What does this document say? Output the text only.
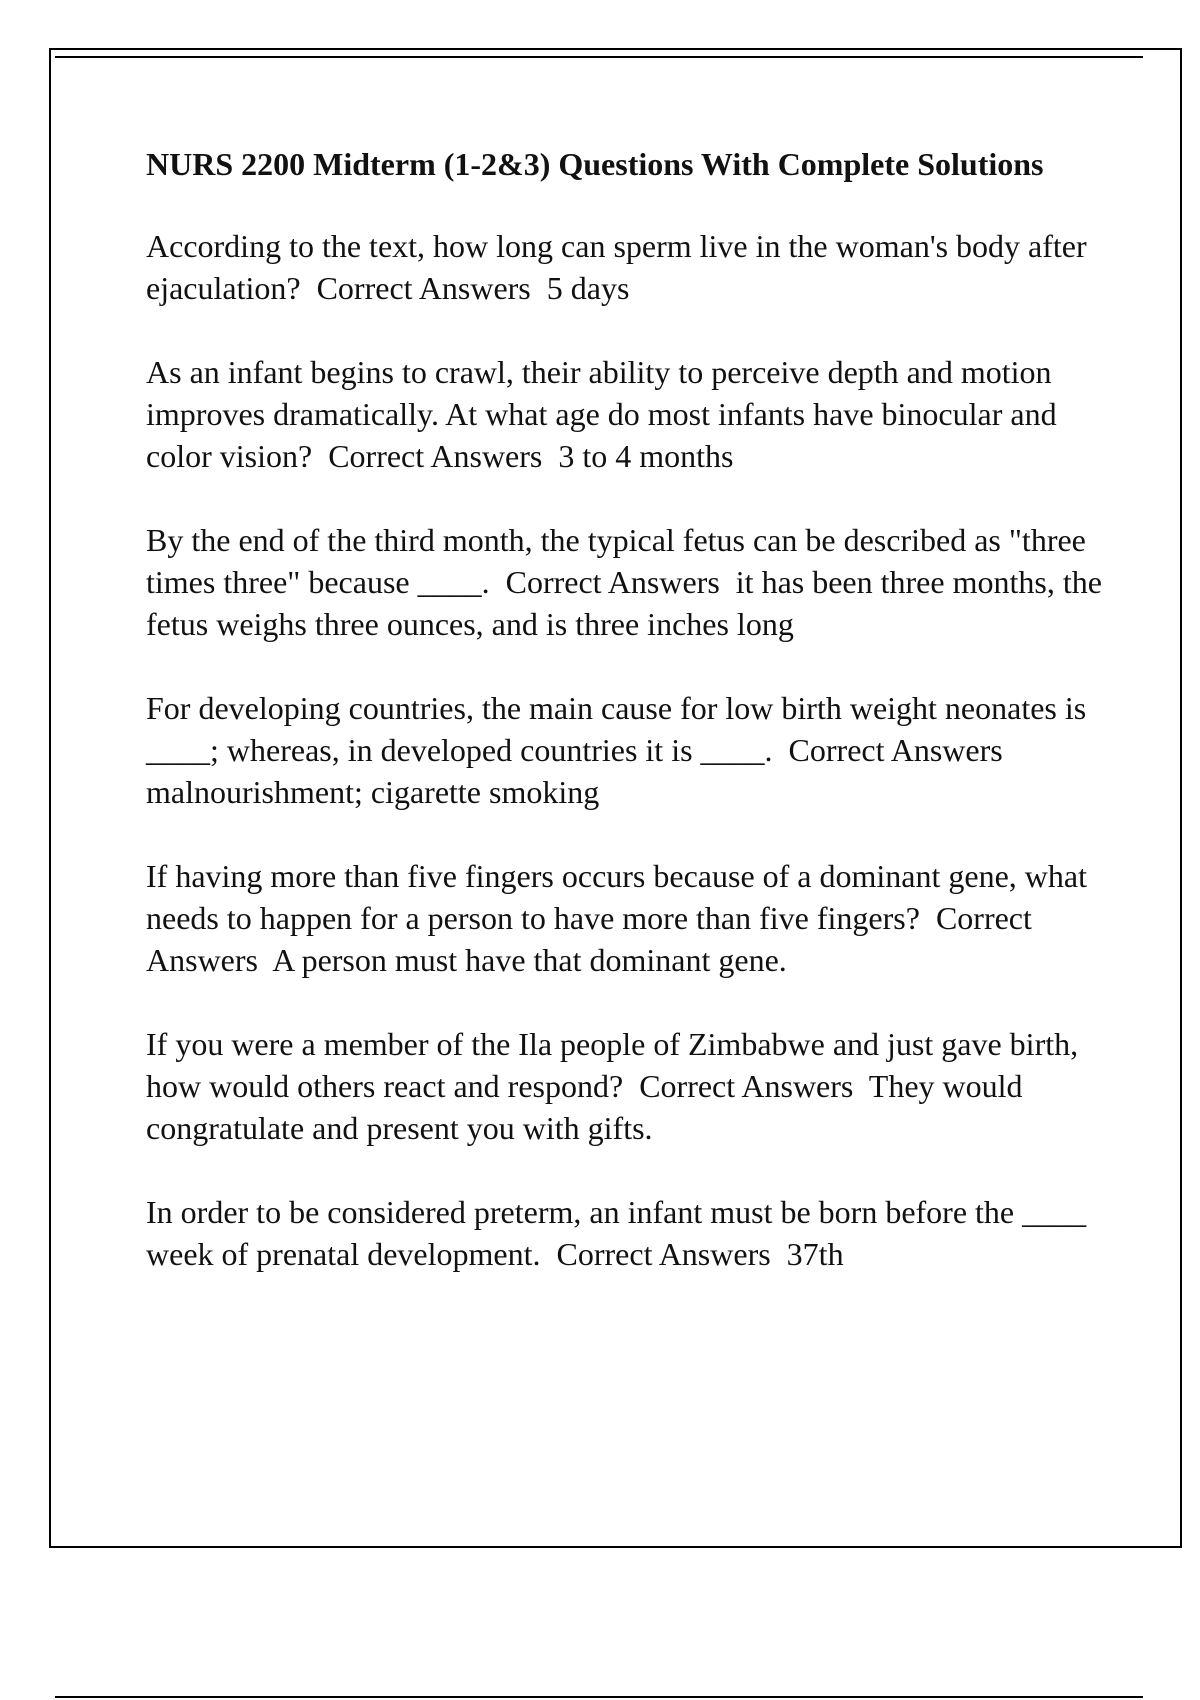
NURS 2200 Midterm (1-2&3) Questions With Complete Solutions

According to the text, how long can sperm live in the woman's body after ejaculation?  Correct Answers  5 days

As an infant begins to crawl, their ability to perceive depth and motion improves dramatically. At what age do most infants have binocular and color vision?  Correct Answers  3 to 4 months

By the end of the third month, the typical fetus can be described as "three times three" because ____.  Correct Answers  it has been three months, the fetus weighs three ounces, and is three inches long

For developing countries, the main cause for low birth weight neonates is ____; whereas, in developed countries it is ____.  Correct Answers  malnourishment; cigarette smoking

If having more than five fingers occurs because of a dominant gene, what needs to happen for a person to have more than five fingers?  Correct Answers  A person must have that dominant gene.

If you were a member of the Ila people of Zimbabwe and just gave birth, how would others react and respond?  Correct Answers  They would congratulate and present you with gifts.

In order to be considered preterm, an infant must be born before the ____ week of prenatal development.  Correct Answers  37th
